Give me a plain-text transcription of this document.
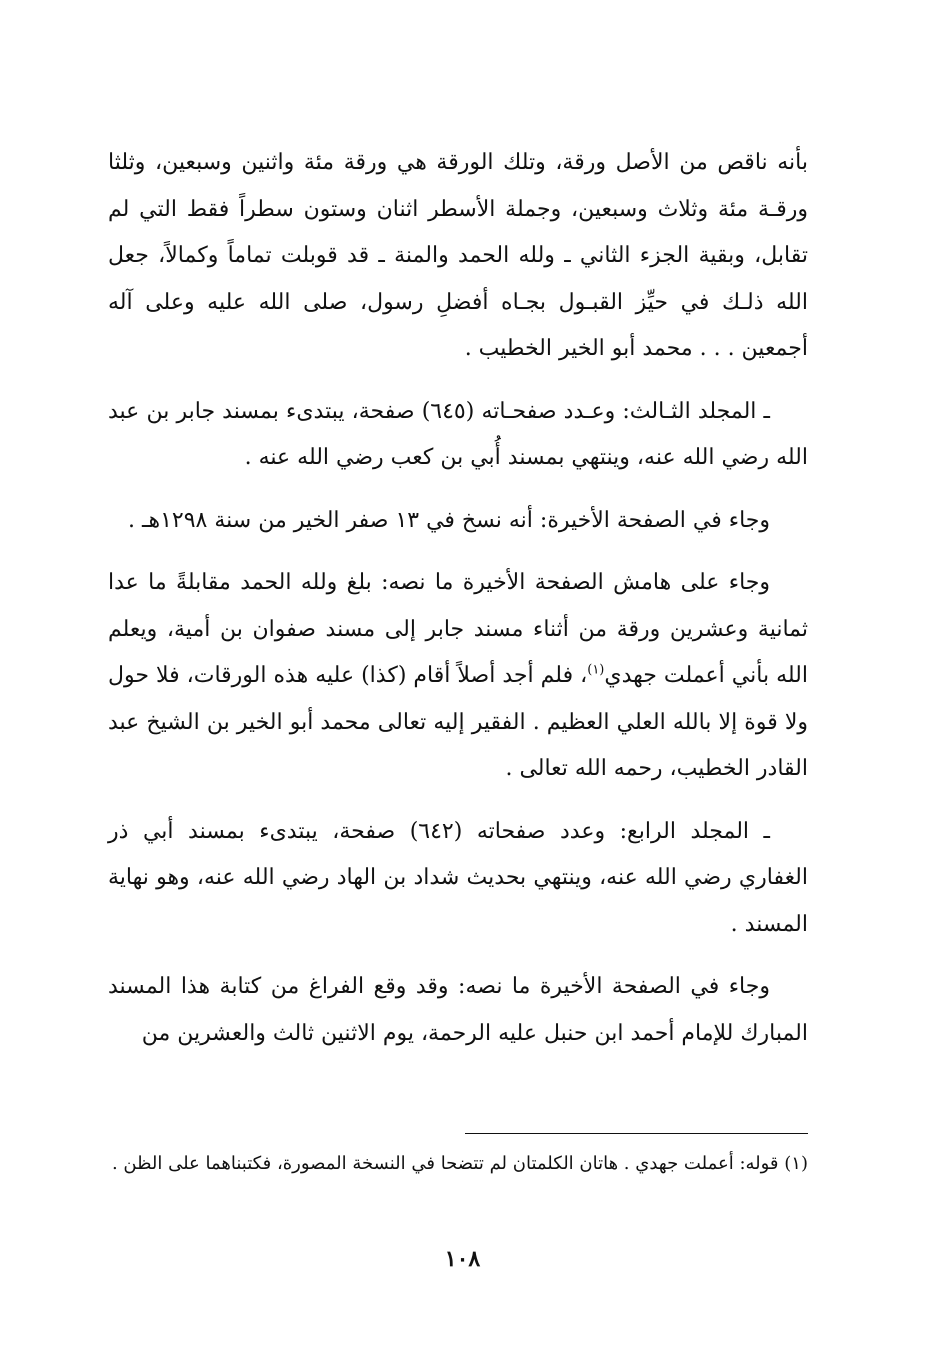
بأنه ناقص من الأصل ورقة، وتلك الورقة هي ورقة مئة واثنين وسبعين، وثلثا ورقـة مئة وثلاث وسبعين، وجملة الأسطر اثنان وستون سطراً فقط التي لم تقابل، وبقية الجزء الثاني ـ ولله الحمد والمنة ـ قد قوبلت تماماً وكمالاً، جعل الله ذلـك في حيِّز القبـول بجـاه أفضلِ رسول، صلى الله عليه وعلى آله أجمعين . . . محمد أبو الخير الخطيب .

ـ المجلد الثـالث: وعـدد صفحـاته (٦٤٥) صفحة، يبتدىء بمسند جابر بن عبد الله رضي الله عنه، وينتهي بمسند أُبي بن كعب رضي الله عنه .

وجاء في الصفحة الأخيرة: أنه نسخ في ١٣ صفر الخير من سنة ١٢٩٨هـ .

وجاء على هامش الصفحة الأخيرة ما نصه: بلغ ولله الحمد مقابلةً ما عدا ثمانية وعشرين ورقة من أثناء مسند جابر إلى مسند صفوان بن أمية، ويعلم الله بأني أعملت جهدي$^{(١)}$، فلم أجد أصلاً أقام (كذا) عليه هذه الورقات، فلا حول ولا قوة إلا بالله العلي العظيم . الفقير إليه تعالى محمد أبو الخير بن الشيخ عبد القادر الخطيب، رحمه الله تعالى .

ـ المجلد الرابع: وعدد صفحاته (٦٤٢) صفحة، يبتدىء بمسند أبي ذر الغفاري رضي الله عنه، وينتهي بحديث شداد بن الهاد رضي الله عنه، وهو نهاية المسند .

وجاء في الصفحة الأخيرة ما نصه: وقد وقع الفراغ من كتابة هذا المسند المبارك للإمام أحمد ابن حنبل عليه الرحمة، يوم الاثنين ثالث والعشرين من

(١) قوله: أعملت جهدي . هاتان الكلمتان لم تتضحا في النسخة المصورة، فكتبناهما على الظن .

١٠٨
